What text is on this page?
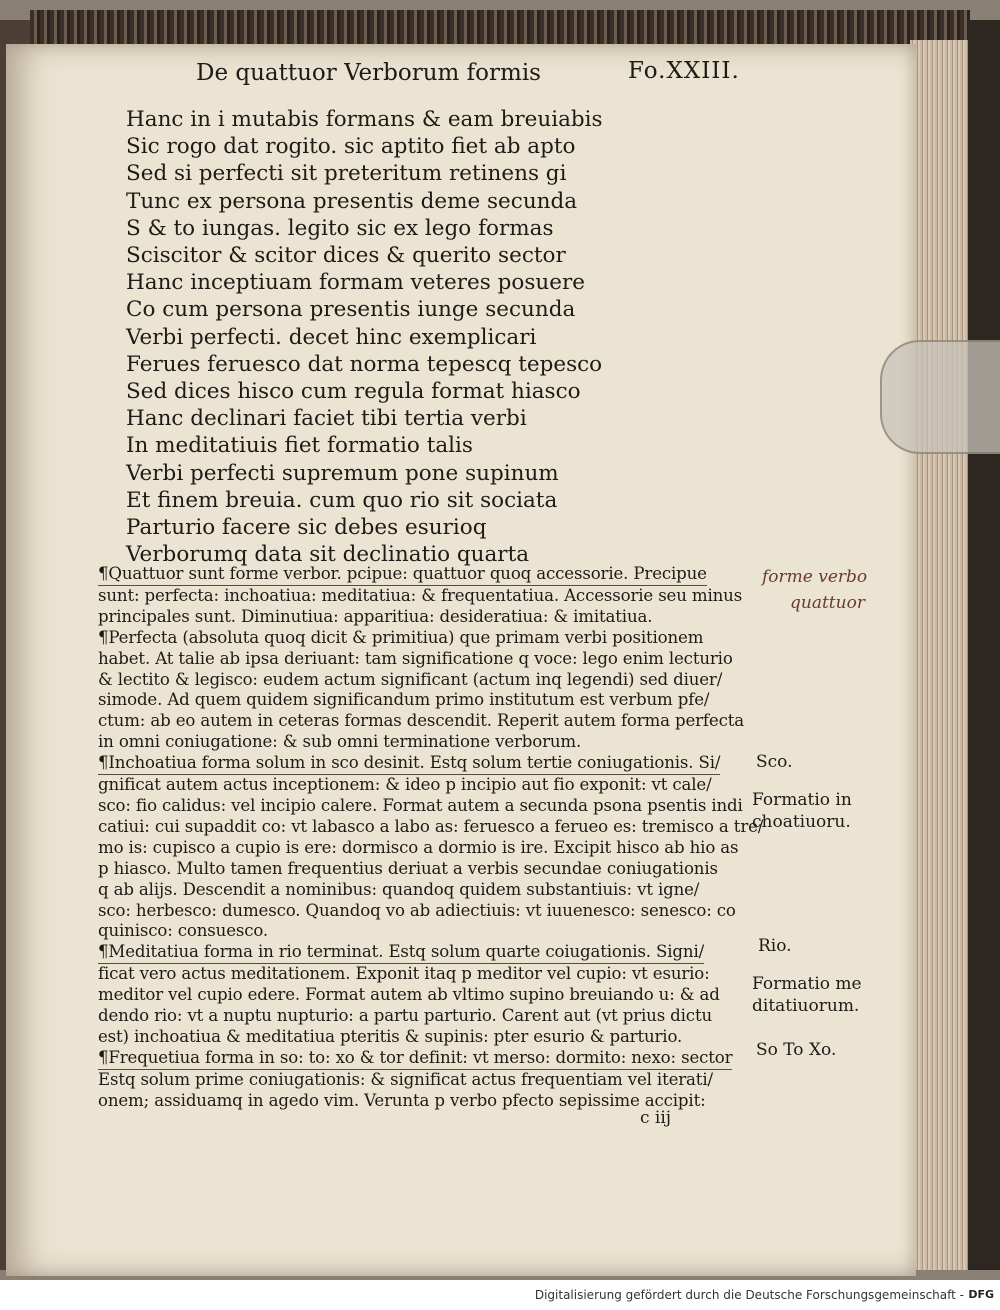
De quattuor Verborum formis	Fo.XXIII.
Hanc in i mutabis formans & eam breuiabis
Sic rogo dat rogito. sic aptito fiet ab apto
Sed si perfecti sit preteritum retinens gi
Tunc ex persona presentis deme secunda
S & to iungas. legito sic ex lego formas
Sciscitor & scitor dices & querito sector
Hanc inceptiuam formam veteres posuere
Co cum persona presentis iunge secunda
Verbi perfecti. decet hinc exemplicari
Ferues feruesco dat norma tepescq tepesco
Sed dices hisco cum regula format hiasco
Hanc declinari faciet tibi tertia verbi
In meditatiuis fiet formatio talis
Verbi perfecti supremum pone supinum
Et finem breuia. cum quo rio sit sociata
Parturio facere sic debes esurioq
Verborumq data sit declinatio quarta
¶Quattuor sunt forme verbor. pcipue: quattuor quoq accessorie. Precipue
sunt: perfecta: inchoatiua: meditatiua: & frequentatiua. Accessorie seu minus
principales sunt. Diminutiua: apparitiua: desideratiua: & imitatiua.
¶Perfecta (absoluta quoq dicit & primitiua) que primam verbi positionem
habet. At talie ab ipsa deriuant: tam significatione q voce: lego enim lecturio
& lectito & legisco: eudem actum significant (actum inq legendi) sed diuer/
simode. Ad quem quidem significandum primo institutum est verbum pfe/
ctum: ab eo autem in ceteras formas descendit. Reperit autem forma perfecta
in omni coniugatione: & sub omni terminatione verborum.
¶Inchoatiua forma solum in sco desinit. Estq solum tertie coniugationis. Si/
gnificat autem actus inceptionem: & ideo p incipio aut fio exponit: vt cale/
sco: fio calidus: vel incipio calere. Format autem a secunda psona psentis indi
catiui: cui supaddit co: vt labasco a labo as: feruesco a ferueo es: tremisco a tre/
mo is: cupisco a cupio is ere: dormisco a dormio is ire. Excipit hisco ab hio as
p hiasco. Multo tamen frequentius deriuat a verbis secundae coniugationis
q ab alijs. Descendit a nominibus: quandoq quidem substantiuis: vt igne/
sco: herbesco: dumesco. Quandoq vo ab adiectiuis: vt iuuenesco: senesco: co
quinisco: consuesco.
¶Meditatiua forma in rio terminat. Estq solum quarte coiugationis. Signi/
ficat vero actus meditationem. Exponit itaq p meditor vel cupio: vt esurio:
meditor vel cupio edere. Format autem ab vltimo supino breuiando u: & ad
dendo rio: vt a nuptu nupturio: a partu parturio. Carent aut (vt prius dictu
est) inchoatiua & meditatiua pteritis & supinis: pter esurio & parturio.
¶Frequetiua forma in so: to: xo & tor definit: vt merso: dormito: nexo: sector
Estq solum prime coniugationis: & significat actus frequentiam vel iterati/
onem; assiduamq in agedo vim. Verunta p verbo pfecto sepissime accipit:
forme verbo
quattuor
Sco.
Formatio in
choatiuoru.
Rio.
Formatio me
ditatiuorum.
So To Xo.
c iij
Digitalisierung gefördert durch die Deutsche Forschungsgemeinschaft - DFG
